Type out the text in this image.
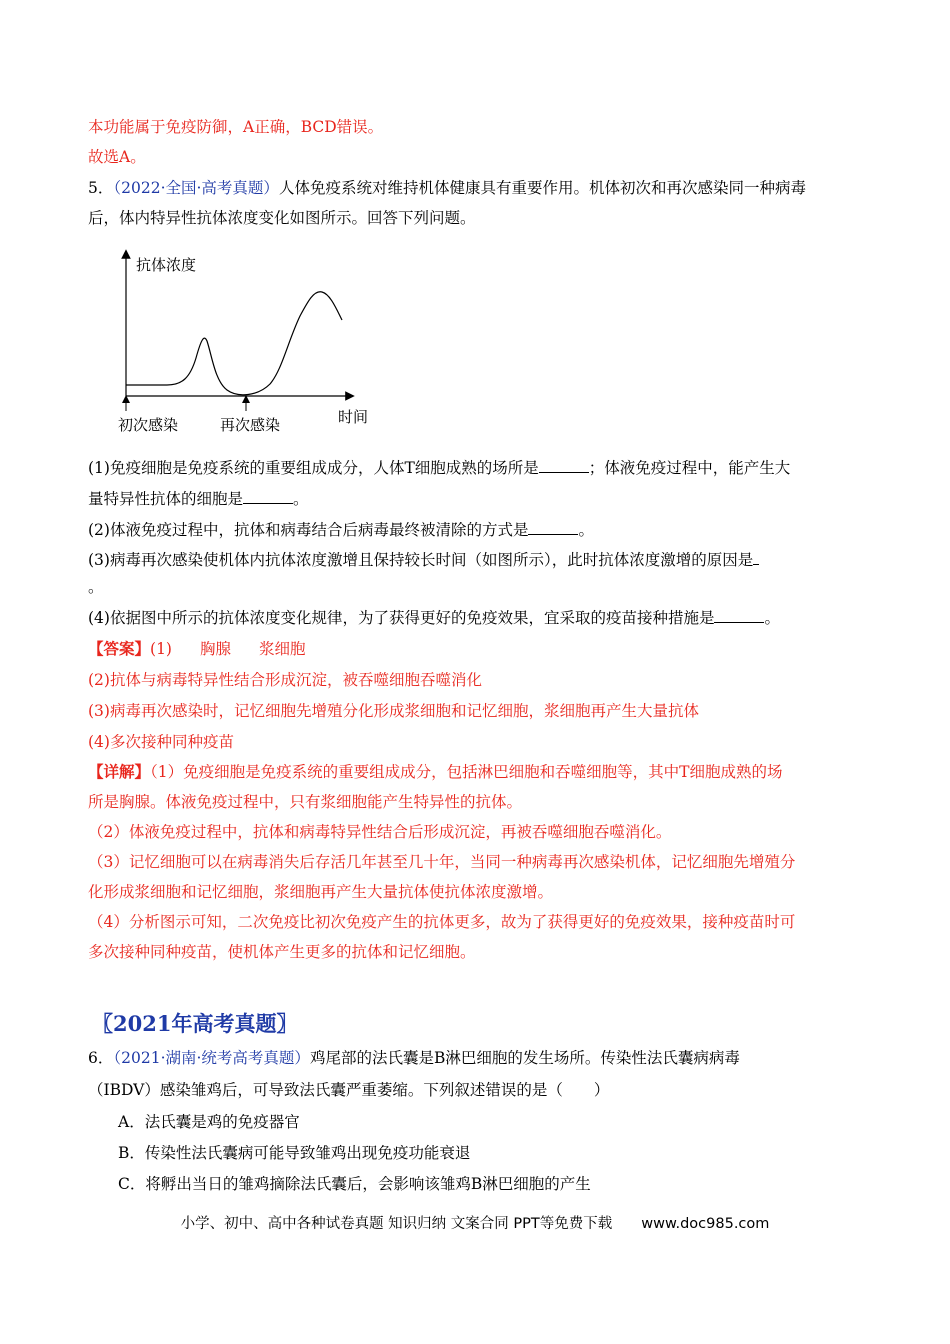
本功能属于免疫防御，A正确，BCD错误。
故选A。
5．（2022·全国·高考真题）人体免疫系统对维持机体健康具有重要作用。机体初次和再次感染同一种病毒
后，体内特异性抗体浓度变化如图所示。回答下列问题。
抗体浓度
时间
初次感染	再次感染
(1)免疫细胞是免疫系统的重要组成成分，人体T细胞成熟的场所是	；体液免疫过程中，能产生大
量特异性抗体的细胞是	。
(2)体液免疫过程中，抗体和病毒结合后病毒最终被清除的方式是	。
(3)病毒再次感染使机体内抗体浓度激增且保持较长时间（如图所示），此时抗体浓度激增的原因是
。
(4)依据图中所示的抗体浓度变化规律，为了获得更好的免疫效果，宜采取的疫苗接种措施是	。
【答案】(1) 胸腺 浆细胞
(2)抗体与病毒特异性结合形成沉淀，被吞噬细胞吞噬消化
(3)病毒再次感染时，记忆细胞先增殖分化形成浆细胞和记忆细胞，浆细胞再产生大量抗体
(4)多次接种同种疫苗
【详解】（1）免疫细胞是免疫系统的重要组成成分，包括淋巴细胞和吞噬细胞等，其中T细胞成熟的场
所是胸腺。体液免疫过程中，只有浆细胞能产生特异性的抗体。
（2）体液免疫过程中，抗体和病毒特异性结合后形成沉淀，再被吞噬细胞吞噬消化。
（3）记忆细胞可以在病毒消失后存活几年甚至几十年，当同一种病毒再次感染机体，记忆细胞先增殖分
化形成浆细胞和记忆细胞，浆细胞再产生大量抗体使抗体浓度激增。
（4）分析图示可知，二次免疫比初次免疫产生的抗体更多，故为了获得更好的免疫效果，接种疫苗时可
多次接种同种疫苗，使机体产生更多的抗体和记忆细胞。
〖2021年高考真题〗
6．（2021·湖南·统考高考真题）鸡尾部的法氏囊是B淋巴细胞的发生场所。传染性法氏囊病病毒
（IBDV）感染雏鸡后，可导致法氏囊严重萎缩。下列叙述错误的是（　　）
A．法氏囊是鸡的免疫器官
B．传染性法氏囊病可能导致雏鸡出现免疫功能衰退
C．将孵出当日的雏鸡摘除法氏囊后，会影响该雏鸡B淋巴细胞的产生
小学、初中、高中各种试卷真题 知识归纳 文案合同 PPT等免费下载　　www.doc985.com
